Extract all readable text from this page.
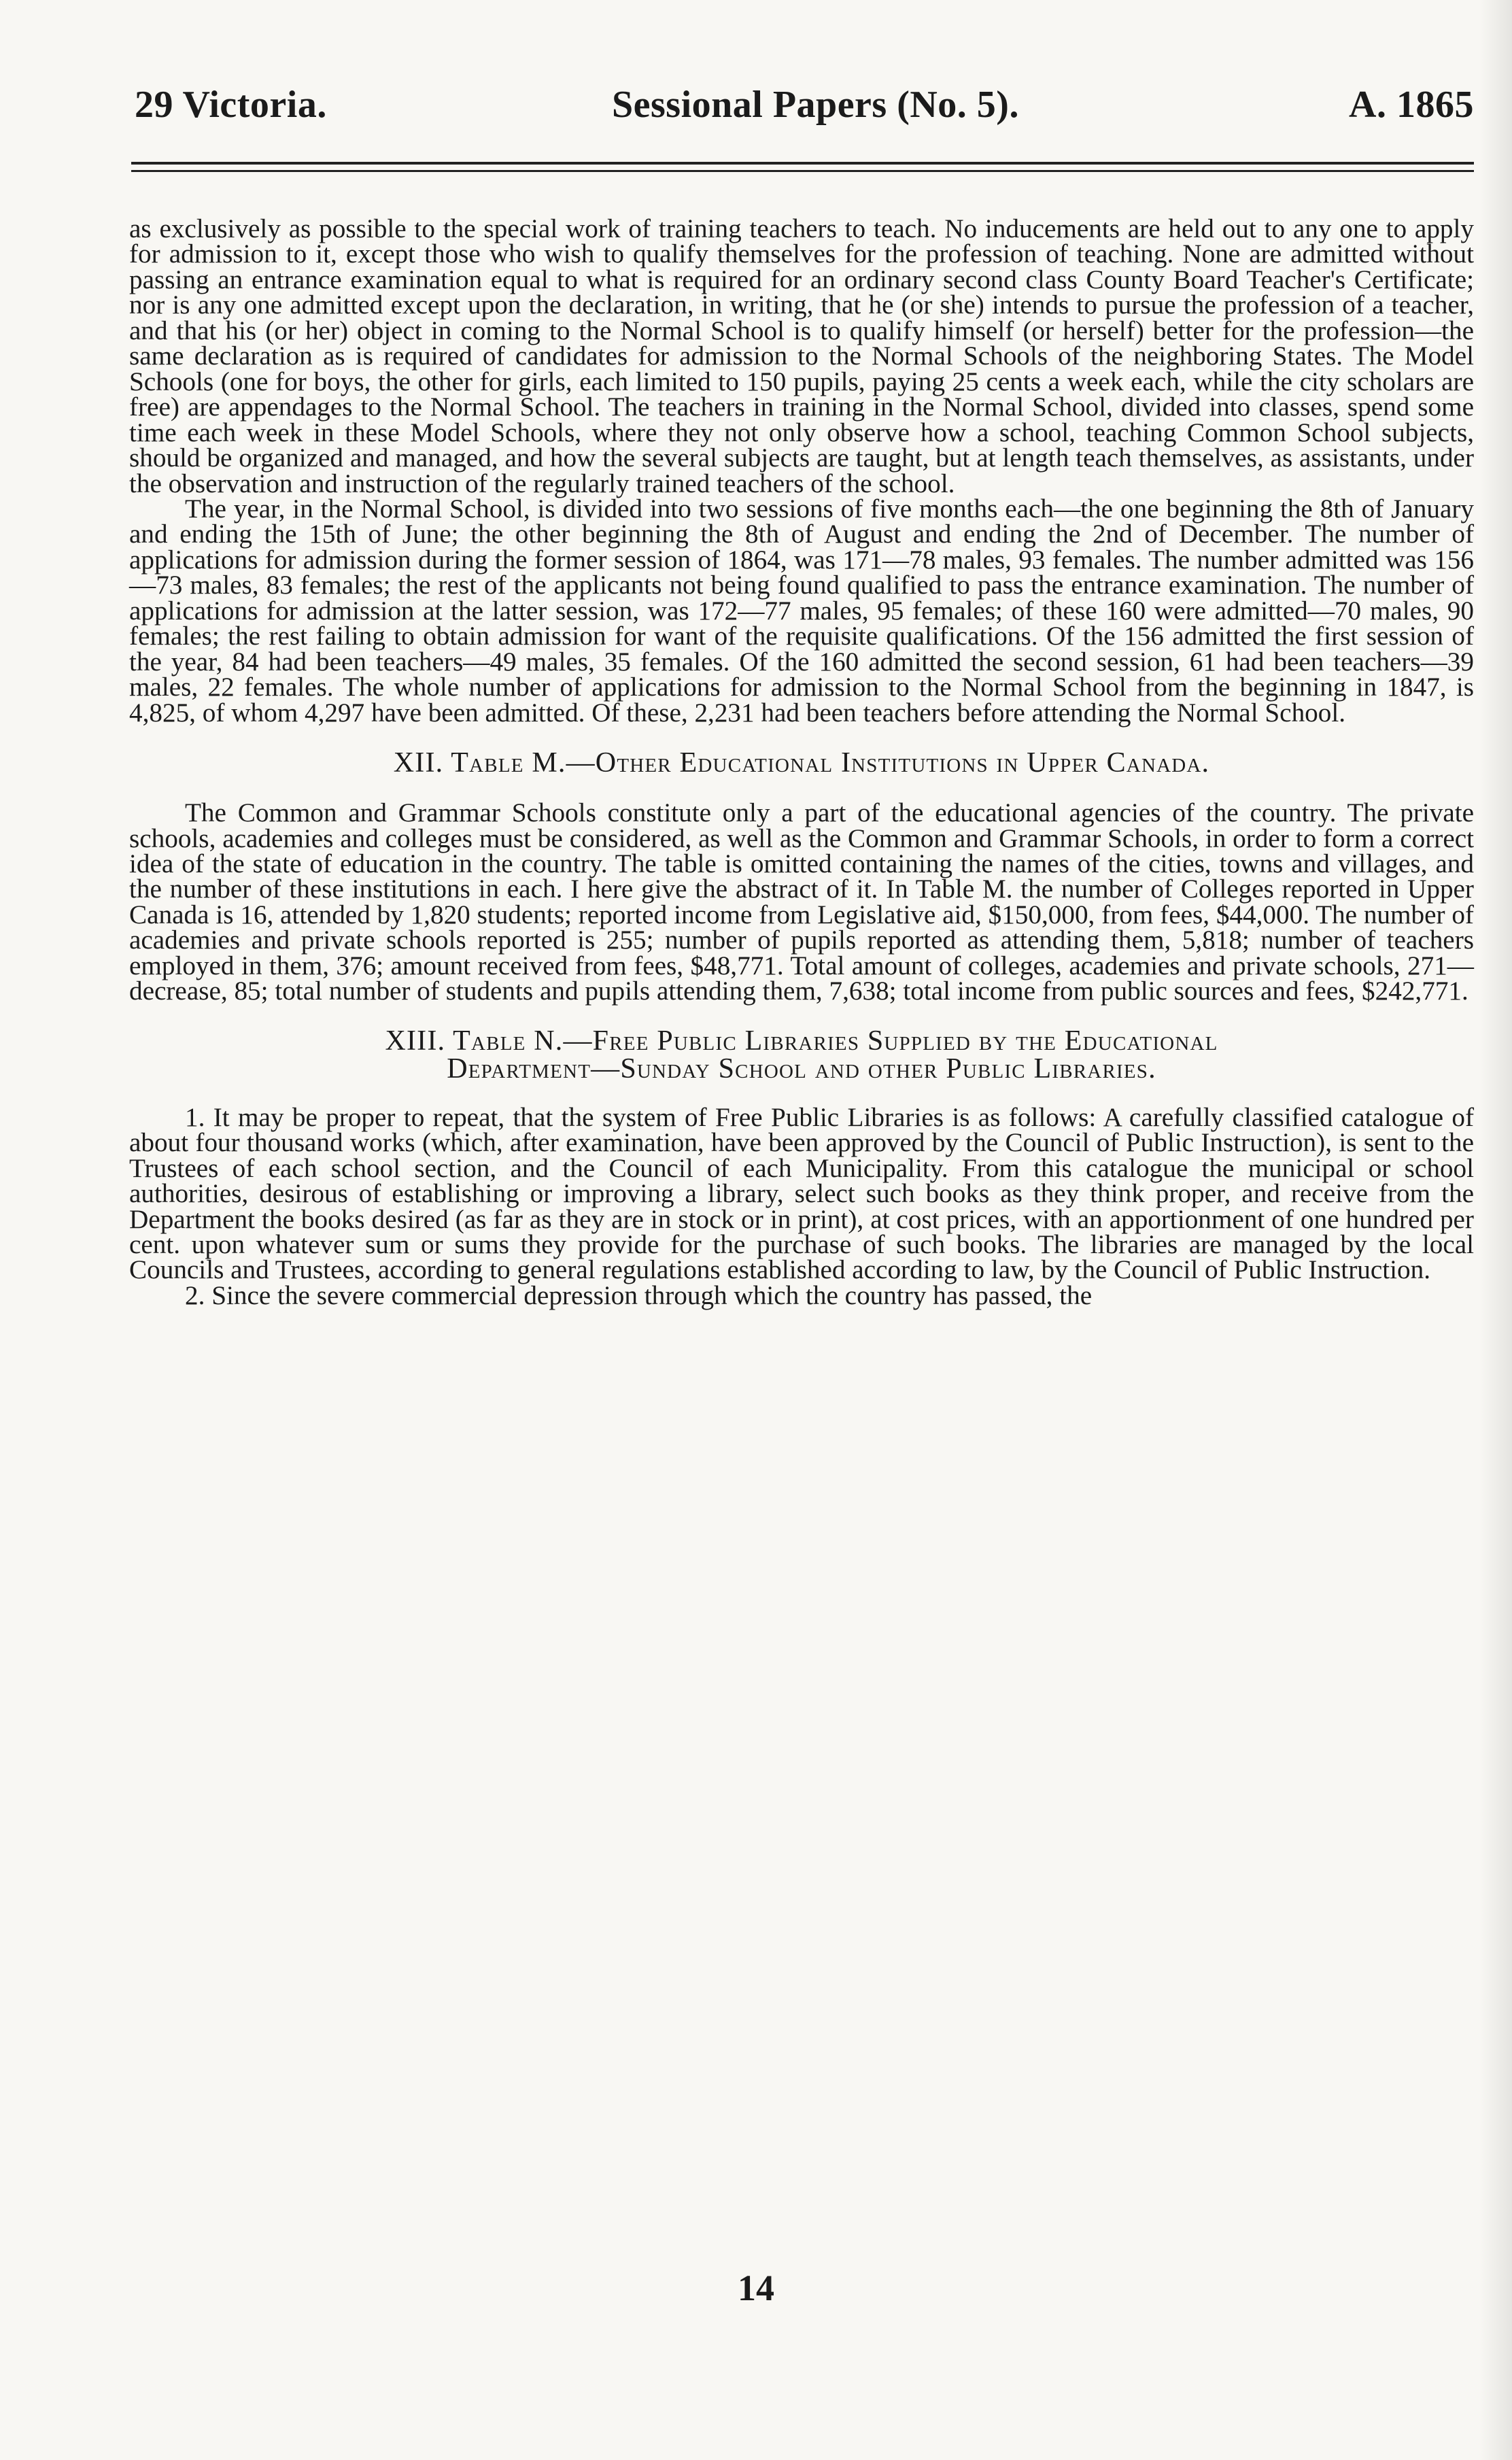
29 Victoria.	Sessional Papers (No. 5).	A. 1865

as exclusively as possible to the special work of training teachers to teach. No inducements are held out to any one to apply for admission to it, except those who wish to qualify themselves for the profession of teaching. None are admitted without passing an entrance examination equal to what is required for an ordinary second class County Board Teacher's Certificate; nor is any one admitted except upon the declaration, in writing, that he (or she) intends to pursue the profession of a teacher, and that his (or her) object in coming to the Normal School is to qualify himself (or herself) better for the profession—the same declaration as is required of candidates for admission to the Normal Schools of the neighboring States. The Model Schools (one for boys, the other for girls, each limited to 150 pupils, paying 25 cents a week each, while the city scholars are free) are appendages to the Normal School. The teachers in training in the Normal School, divided into classes, spend some time each week in these Model Schools, where they not only observe how a school, teaching Common School subjects, should be organized and managed, and how the several subjects are taught, but at length teach themselves, as assistants, under the observation and instruction of the regularly trained teachers of the school.

The year, in the Normal School, is divided into two sessions of five months each—the one beginning the 8th of January and ending the 15th of June; the other beginning the 8th of August and ending the 2nd of December. The number of applications for admission during the former session of 1864, was 171—78 males, 93 females. The number admitted was 156—73 males, 83 females; the rest of the applicants not being found qualified to pass the entrance examination. The number of applications for admission at the latter session, was 172—77 males, 95 females; of these 160 were admitted—70 males, 90 females; the rest failing to obtain admission for want of the requisite qualifications. Of the 156 admitted the first session of the year, 84 had been teachers—49 males, 35 females. Of the 160 admitted the second session, 61 had been teachers—39 males, 22 females. The whole number of applications for admission to the Normal School from the beginning in 1847, is 4,825, of whom 4,297 have been admitted. Of these, 2,231 had been teachers before attending the Normal School.

XII. Table M.—Other Educational Institutions in Upper Canada.

The Common and Grammar Schools constitute only a part of the educational agencies of the country. The private schools, academies and colleges must be considered, as well as the Common and Grammar Schools, in order to form a correct idea of the state of education in the country. The table is omitted containing the names of the cities, towns and villages, and the number of these institutions in each. I here give the abstract of it. In Table M. the number of Colleges reported in Upper Canada is 16, attended by 1,820 students; reported income from Legislative aid, $150,000, from fees, $44,000. The number of academies and private schools reported is 255; number of pupils reported as attending them, 5,818; number of teachers employed in them, 376; amount received from fees, $48,771. Total amount of colleges, academies and private schools, 271—decrease, 85; total number of students and pupils attending them, 7,638; total income from public sources and fees, $242,771.

XIII. Table N.—Free Public Libraries Supplied by the Educational
Department—Sunday School and other Public Libraries.

1. It may be proper to repeat, that the system of Free Public Libraries is as follows: A carefully classified catalogue of about four thousand works (which, after examination, have been approved by the Council of Public Instruction), is sent to the Trustees of each school section, and the Council of each Municipality. From this catalogue the municipal or school authorities, desirous of establishing or improving a library, select such books as they think proper, and receive from the Department the books desired (as far as they are in stock or in print), at cost prices, with an apportionment of one hundred per cent. upon whatever sum or sums they provide for the purchase of such books. The libraries are managed by the local Councils and Trustees, according to general regulations established according to law, by the Council of Public Instruction.

2. Since the severe commercial depression through which the country has passed, the

14
